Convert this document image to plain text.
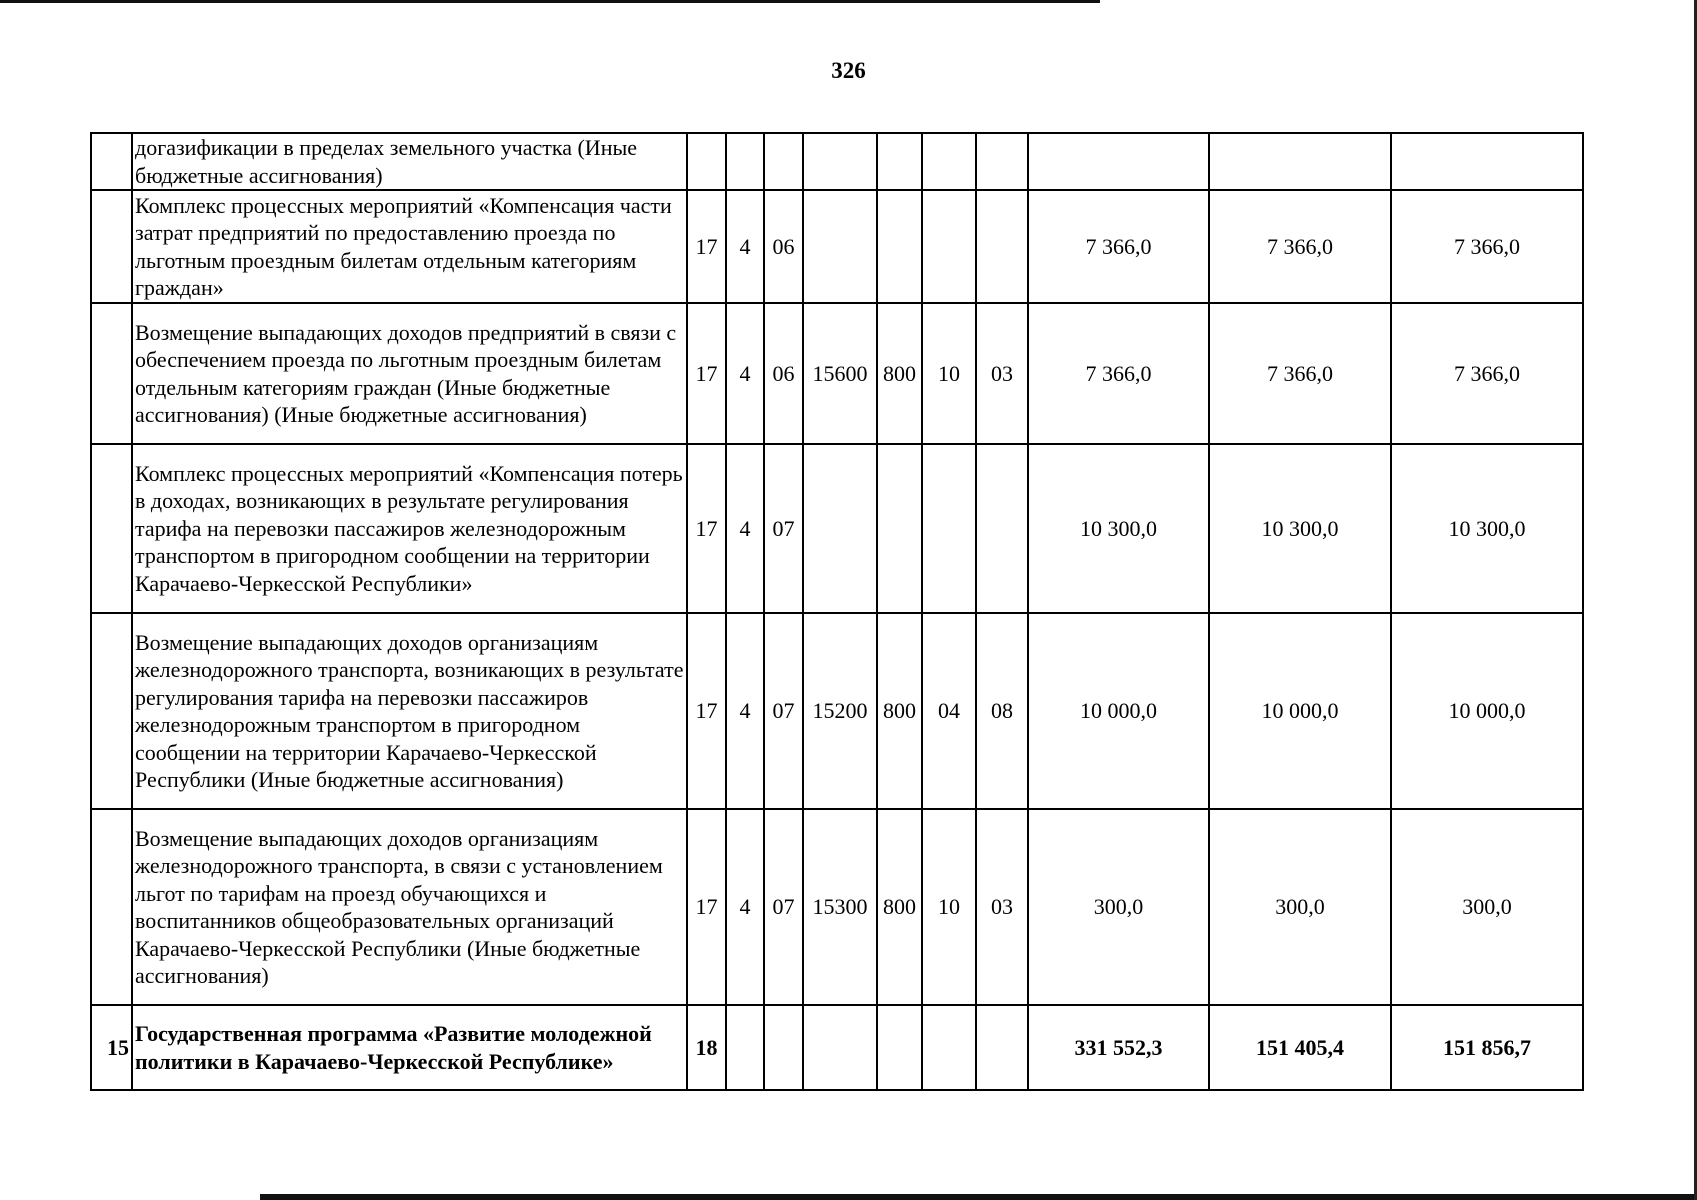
326
	догазификации в пределах земельного участка (Иные бюджетные ассигнования)										
	Комплекс процессных мероприятий «Компенсация части затрат предприятий по предоставлению проезда по льготным проездным билетам отдельным категориям граждан»	17	4	06					7 366,0	7 366,0	7 366,0
	Возмещение выпадающих доходов предприятий в связи с обеспечением проезда по льготным проездным билетам отдельным категориям граждан (Иные бюджетные ассигнования) (Иные бюджетные ассигнования)	17	4	06	15600	800	10	03	7 366,0	7 366,0	7 366,0
	Комплекс процессных мероприятий «Компенсация потерь в доходах, возникающих в результате регулирования тарифа на перевозки пассажиров железнодорожным транспортом в пригородном сообщении на территории Карачаево-Черкесской Республики»	17	4	07					10 300,0	10 300,0	10 300,0
	Возмещение выпадающих доходов организациям железнодорожного транспорта, возникающих в результате регулирования тарифа на перевозки пассажиров железнодорожным транспортом в пригородном сообщении на территории Карачаево-Черкесской Республики (Иные бюджетные ассигнования)	17	4	07	15200	800	04	08	10 000,0	10 000,0	10 000,0
	Возмещение выпадающих доходов организациям железнодорожного транспорта, в связи с установлением льгот по тарифам на проезд обучающихся и воспитанников общеобразовательных организаций Карачаево-Черкесской Республики (Иные бюджетные ассигнования)	17	4	07	15300	800	10	03	300,0	300,0	300,0
15	Государственная программа «Развитие молодежной политики в Карачаево-Черкесской Республике»	18							331 552,3	151 405,4	151 856,7
